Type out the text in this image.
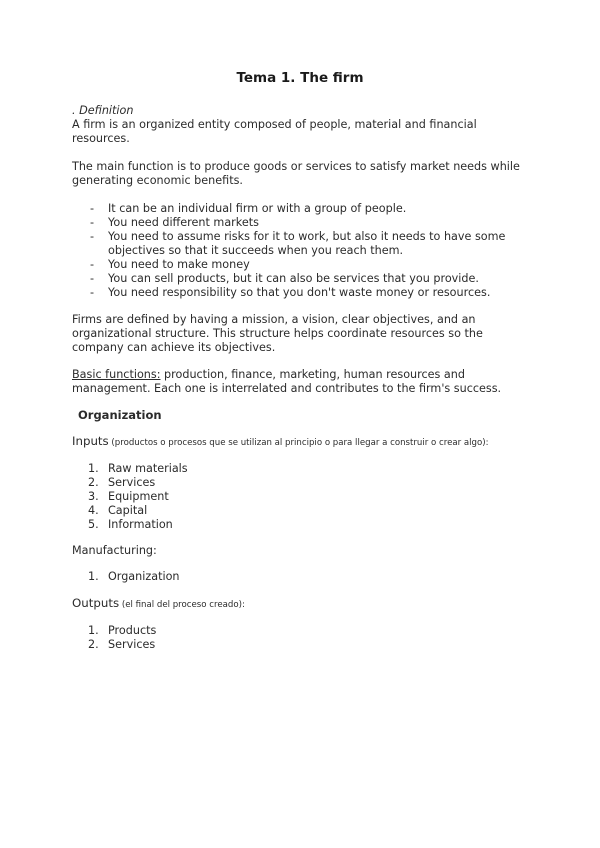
Tema 1. The firm

. Definition

A firm is an organized entity composed of people, material and financial resources.

The main function is to produce goods or services to satisfy market needs while generating economic benefits.

- It can be an individual firm or with a group of people.
- You need different markets
- You need to assume risks for it to work, but also it needs to have some objectives so that it succeeds when you reach them.
- You need to make money
- You can sell products, but it can also be services that you provide.
- You need responsibility so that you don't waste money or resources.

Firms are defined by having a mission, a vision, clear objectives, and an organizational structure. This structure helps coordinate resources so the company can achieve its objectives.

Basic functions: production, finance, marketing, human resources and management. Each one is interrelated and contributes to the firm's success.

Organization

Inputs (productos o procesos que se utilizan al principio o para llegar a construir o crear algo):

1. Raw materials
2. Services
3. Equipment
4. Capital
5. Information

Manufacturing:

1. Organization

Outputs (el final del proceso creado):

1. Products
2. Services
